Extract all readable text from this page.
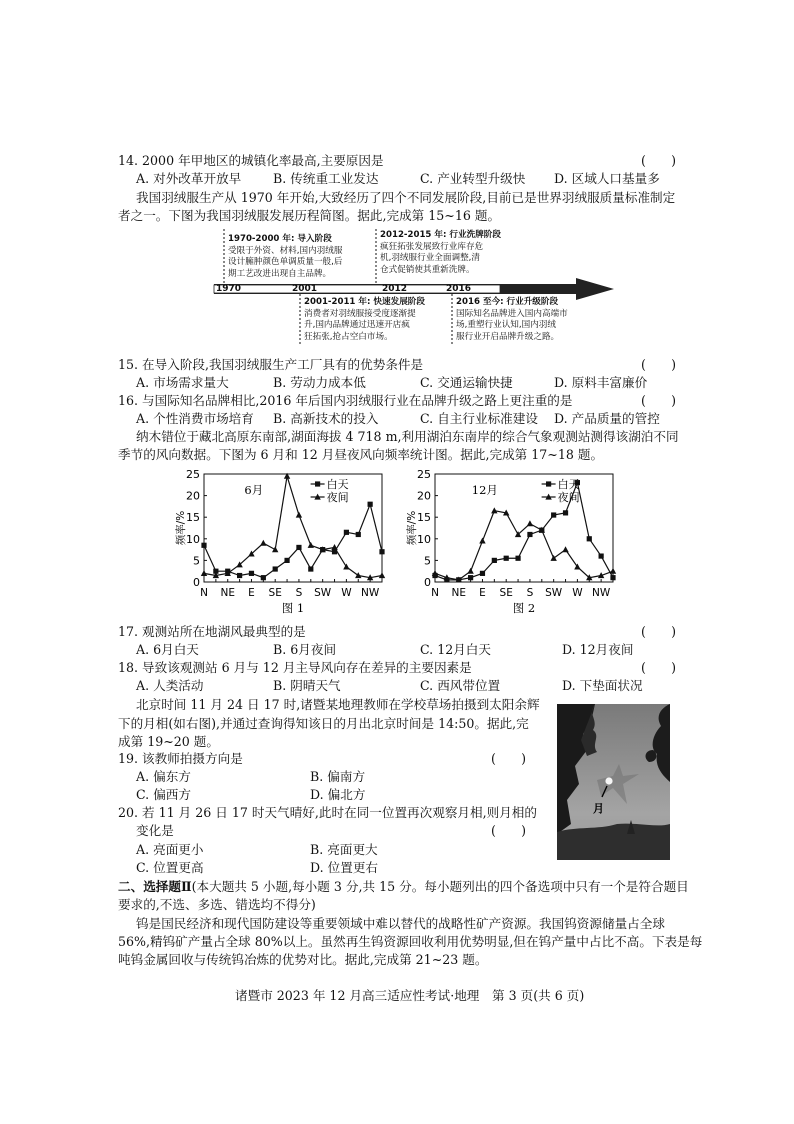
14. 2000 年甲地区的城镇化率最高,主要原因是	(　　)
A. 对外改革开放早	B. 传统重工业发达	C. 产业转型升级快 D. 区域人口基量多
我国羽绒服生产从 1970 年开始,大致经历了四个不同发展阶段,目前已是世界羽绒服质量标准制定
者之一。下图为我国羽绒服发展历程简图。据此,完成第 15~16 题。
1970	2001	2012	2016
1970-2000 年: 导入阶段
受限于外资、材料,国内羽绒服
设计臃肿颜色单调质量一般,后
期工艺改进出现自主品牌。
2012-2015 年: 行业洗牌阶段
疯狂拓张发展致行业库存危
机,羽绒服行业全面调整,清
仓式促销使其重新洗牌。
2001-2011 年: 快速发展阶段
消费者对羽绒服接受度逐渐提
升,国内品牌通过迅速开店疯
狂拓张,抢占空白市场。
2016 至今: 行业升级阶段
国际知名品牌进入国内高端市
场,重塑行业认知,国内羽绒
服行业开启品牌升级之路。
15. 在导入阶段,我国羽绒服生产工厂具有的优势条件是	(　　)
A. 市场需求量大	B. 劳动力成本低	C. 交通运输快捷	D. 原料丰富廉价
16. 与国际知名品牌相比,2016 年后国内羽绒服行业在品牌升级之路上更注重的是	(　　)
A. 个性消费市场培育 B. 高新技术的投入	C. 自主行业标准建设 D. 产品质量的管控
纳木错位于藏北高原东南部,湖面海拔 4 718 m,利用湖泊东南岸的综合气象观测站测得该湖泊不同
季节的风向数据。下图为 6 月和 12 月昼夜风向频率统计图。据此,完成第 17~18 题。
0
5
10
15
20
25
N NE E SE S SW W NW
频率/%
6月
图 1
白天
夜间
0
5
10
15
20
25
N NE E SE S SW W NW
频率/%
12月
图 2
白天
夜间
17. 观测站所在地湖风最典型的是	(　　)
A. 6月白天	B. 6月夜间	C. 12月白天	D. 12月夜间
18. 导致该观测站 6 月与 12 月主导风向存在差异的主要因素是	(　　)
A. 人类活动	B. 阴晴天气	C. 西风带位置	D. 下垫面状况
北京时间 11 月 24 日 17 时,诸暨某地理教师在学校草场拍摄到太阳余辉
下的月相(如右图),并通过查询得知该日的月出北京时间是 14:50。据此,完
成第 19~20 题。
月
19. 该教师拍摄方向是	(　　)
A. 偏东方	B. 偏南方
C. 偏西方	D. 偏北方
20. 若 11 月 26 日 17 时天气晴好,此时在同一位置再次观察月相,则月相的
变化是	(　　)
A. 亮面更小	B. 亮面更大
C. 位置更高	D. 位置更右
二、选择题Ⅱ(本大题共 5 小题,每小题 3 分,共 15 分。每小题列出的四个备选项中只有一个是符合题目
要求的,不选、多选、错选均不得分)
钨是国民经济和现代国防建设等重要领域中难以替代的战略性矿产资源。我国钨资源储量占全球
56%,精钨矿产量占全球 80%以上。虽然再生钨资源回收利用优势明显,但在钨产量中占比不高。下表是每
吨钨金属回收与传统钨冶炼的优势对比。据此,完成第 21~23 题。
诸暨市 2023 年 12 月高三适应性考试·地理　第 3 页(共 6 页)
